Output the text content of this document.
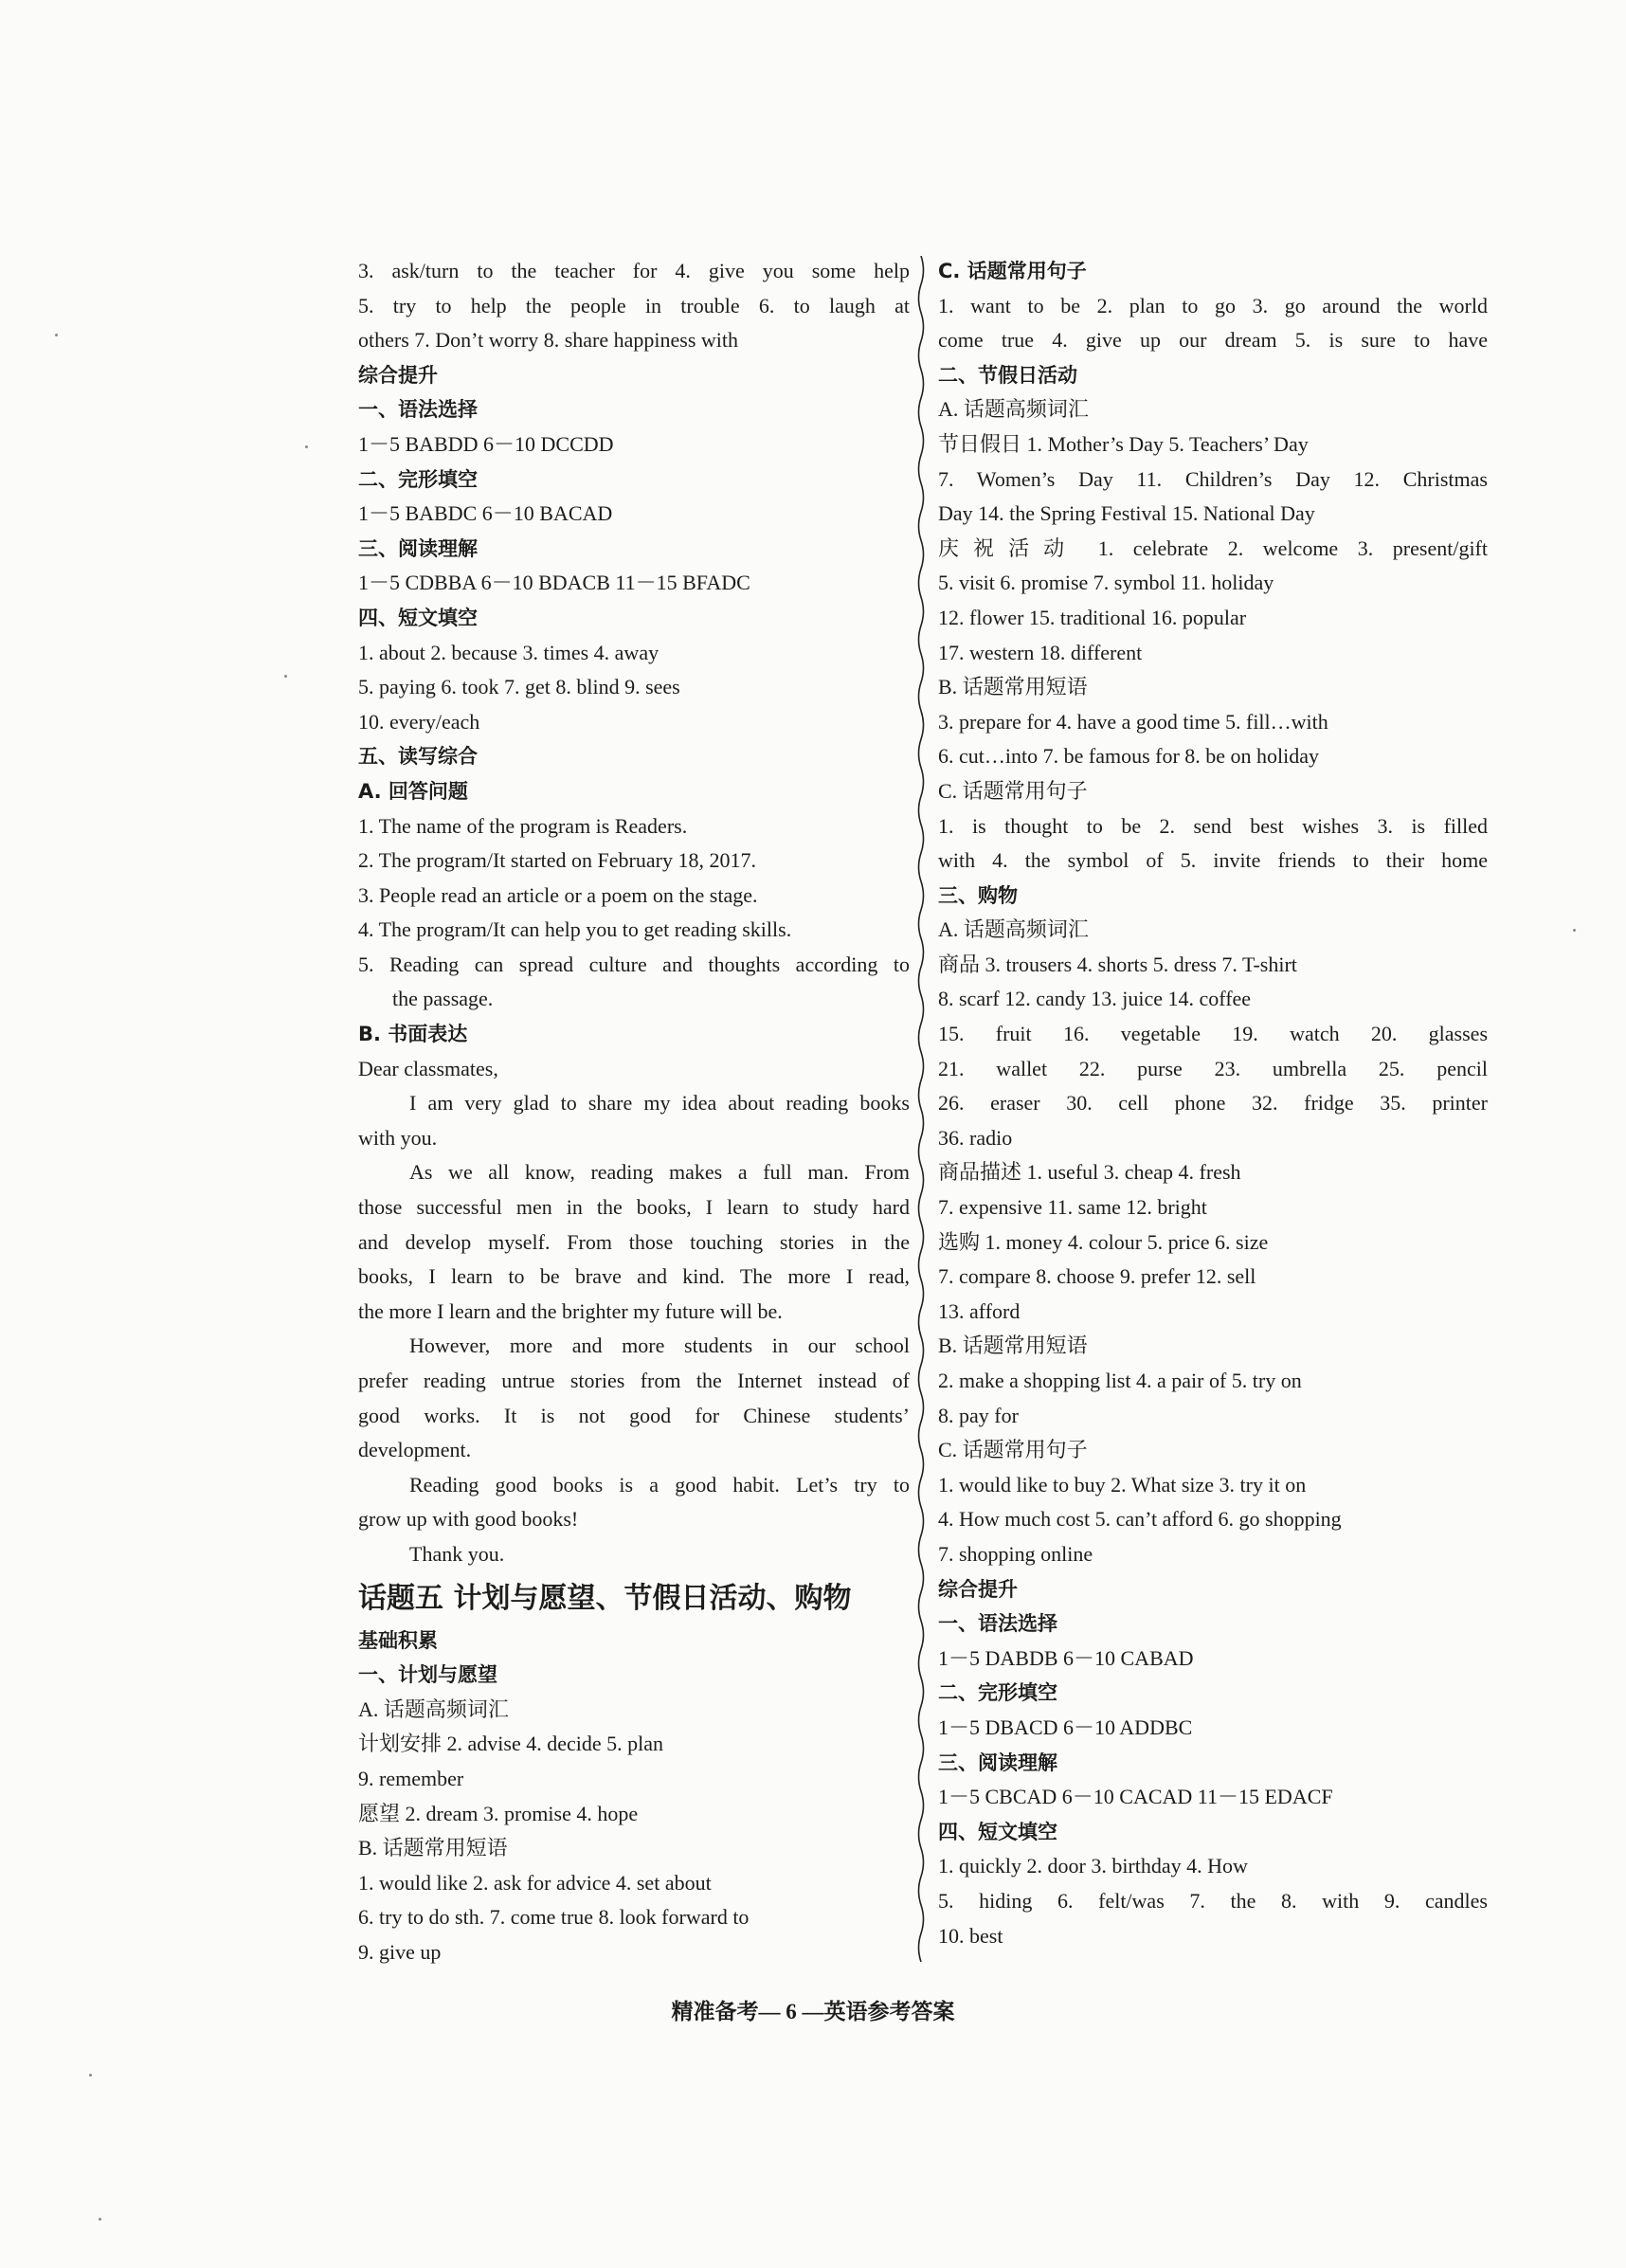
3. ask/turn to the teacher for 4. give you some help
5. try to help the people in trouble 6. to laugh at
others 7. Don’t worry 8. share happiness with
综合提升
一、语法选择
1－5 BABDD 6－10 DCCDD
二、完形填空
1－5 BABDC 6－10 BACAD
三、阅读理解
1－5 CDBBA 6－10 BDACB 11－15 BFADC
四、短文填空
1. about 2. because 3. times 4. away
5. paying 6. took 7. get 8. blind 9. sees
10. every/each
五、读写综合
A. 回答问题
1. The name of the program is Readers.
2. The program/It started on February 18, 2017.
3. People read an article or a poem on the stage.
4. The program/It can help you to get reading skills.
5. Reading can spread culture and thoughts according to
the passage.
B. 书面表达
Dear classmates,
I am very glad to share my idea about reading books
with you.
As we all know, reading makes a full man. From
those successful men in the books, I learn to study hard
and develop myself. From those touching stories in the
books, I learn to be brave and kind. The more I read,
the more I learn and the brighter my future will be.
However, more and more students in our school
prefer reading untrue stories from the Internet instead of
good works. It is not good for Chinese students’
development.
Reading good books is a good habit. Let’s try to
grow up with good books!
Thank you.
话题五 计划与愿望、节假日活动、购物
基础积累
一、计划与愿望
A. 话题高频词汇
计划安排 2. advise 4. decide 5. plan
9. remember
愿望 2. dream 3. promise 4. hope
B. 话题常用短语
1. would like 2. ask for advice 4. set about
6. try to do sth. 7. come true 8. look forward to
9. give up
C. 话题常用句子
1. want to be 2. plan to go 3. go around the world
come true 4. give up our dream 5. is sure to have
二、节假日活动
A. 话题高频词汇
节日假日 1. Mother’s Day 5. Teachers’ Day
7. Women’s Day 11. Children’s Day 12. Christmas
Day 14. the Spring Festival 15. National Day
庆祝活动 1. celebrate 2. welcome 3. present/gift
5. visit 6. promise 7. symbol 11. holiday
12. flower 15. traditional 16. popular
17. western 18. different
B. 话题常用短语
3. prepare for 4. have a good time 5. fill…with
6. cut…into 7. be famous for 8. be on holiday
C. 话题常用句子
1. is thought to be 2. send best wishes 3. is filled
with 4. the symbol of 5. invite friends to their home
三、购物
A. 话题高频词汇
商品 3. trousers 4. shorts 5. dress 7. T-shirt
8. scarf 12. candy 13. juice 14. coffee
15. fruit 16. vegetable 19. watch 20. glasses
21. wallet 22. purse 23. umbrella 25. pencil
26. eraser 30. cell phone 32. fridge 35. printer
36. radio
商品描述 1. useful 3. cheap 4. fresh
7. expensive 11. same 12. bright
选购 1. money 4. colour 5. price 6. size
7. compare 8. choose 9. prefer 12. sell
13. afford
B. 话题常用短语
2. make a shopping list 4. a pair of 5. try on
8. pay for
C. 话题常用句子
1. would like to buy 2. What size 3. try it on
4. How much cost 5. can’t afford 6. go shopping
7. shopping online
综合提升
一、语法选择
1－5 DABDB 6－10 CABAD
二、完形填空
1－5 DBACD 6－10 ADDBC
三、阅读理解
1－5 CBCAD 6－10 CACAD 11－15 EDACF
四、短文填空
1. quickly 2. door 3. birthday 4. How
5. hiding 6. felt/was 7. the 8. with 9. candles
10. best
精准备考— 6 —英语参考答案
